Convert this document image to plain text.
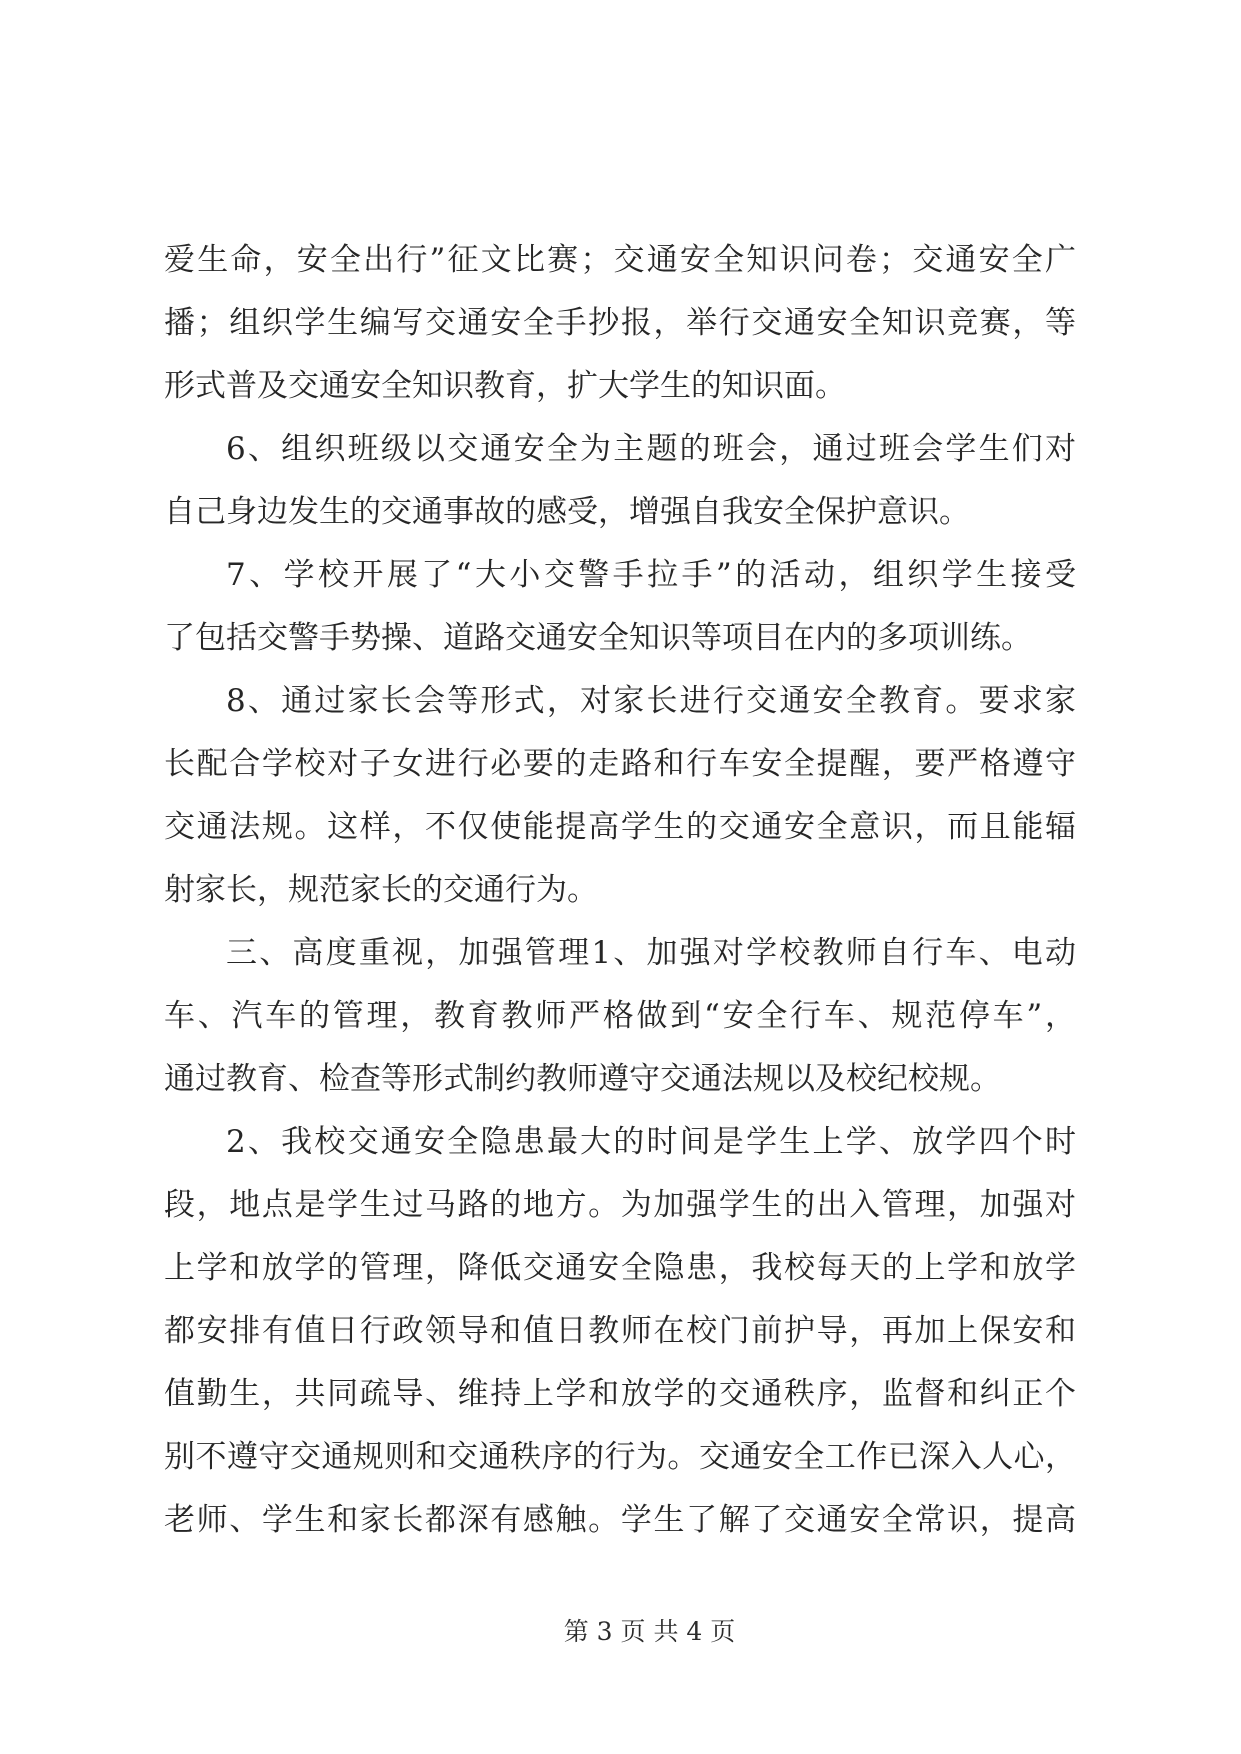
爱生命，安全出行”征文比赛；交通安全知识问卷；交通安全广
播；组织学生编写交通安全手抄报，举行交通安全知识竞赛，等
形式普及交通安全知识教育，扩大学生的知识面。
6、组织班级以交通安全为主题的班会，通过班会学生们对
自己身边发生的交通事故的感受，增强自我安全保护意识。
7、学校开展了“大小交警手拉手”的活动，组织学生接受
了包括交警手势操、道路交通安全知识等项目在内的多项训练。
8、通过家长会等形式，对家长进行交通安全教育。要求家
长配合学校对子女进行必要的走路和行车安全提醒，要严格遵守
交通法规。这样，不仅使能提高学生的交通安全意识，而且能辐
射家长，规范家长的交通行为。
三、高度重视，加强管理1、加强对学校教师自行车、电动
车、汽车的管理，教育教师严格做到“安全行车、规范停车”，
通过教育、检查等形式制约教师遵守交通法规以及校纪校规。
2、我校交通安全隐患最大的时间是学生上学、放学四个时
段，地点是学生过马路的地方。为加强学生的出入管理，加强对
上学和放学的管理，降低交通安全隐患，我校每天的上学和放学
都安排有值日行政领导和值日教师在校门前护导，再加上保安和
值勤生，共同疏导、维持上学和放学的交通秩序，监督和纠正个
别不遵守交通规则和交通秩序的行为。交通安全工作已深入人心，
老师、学生和家长都深有感触。学生了解了交通安全常识，提高
第 3 页 共 4 页
